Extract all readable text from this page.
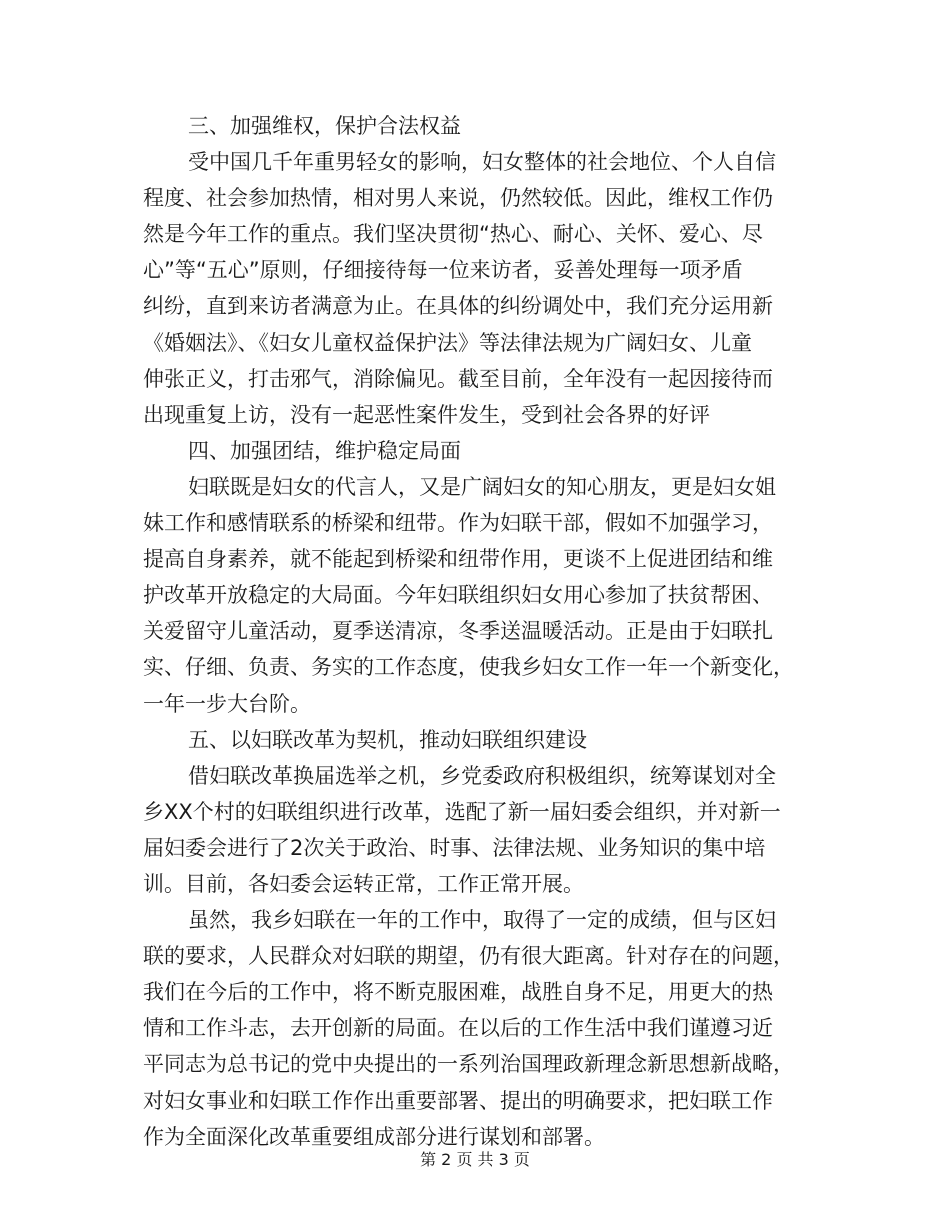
三、加强维权，保护合法权益
受中国几千年重男轻女的影响，妇女整体的社会地位、个人自信
程度、社会参加热情，相对男人来说，仍然较低。因此，维权工作仍
然是今年工作的重点。我们坚决贯彻“热心、耐心、关怀、爱心、尽
心”等“五心”原则，仔细接待每一位来访者，妥善处理每一项矛盾
纠纷，直到来访者满意为止。在具体的纠纷调处中，我们充分运用新
《婚姻法》、《妇女儿童权益保护法》等法律法规为广阔妇女、儿童
伸张正义，打击邪气，消除偏见。截至目前，全年没有一起因接待而
出现重复上访，没有一起恶性案件发生，受到社会各界的好评
四、加强团结，维护稳定局面
妇联既是妇女的代言人，又是广阔妇女的知心朋友，更是妇女姐
妹工作和感情联系的桥梁和纽带。作为妇联干部，假如不加强学习，
提高自身素养，就不能起到桥梁和纽带作用，更谈不上促进团结和维
护改革开放稳定的大局面。今年妇联组织妇女用心参加了扶贫帮困、
关爱留守儿童活动，夏季送清凉，冬季送温暖活动。正是由于妇联扎
实、仔细、负责、务实的工作态度，使我乡妇女工作一年一个新变化，
一年一步大台阶。
五、以妇联改革为契机，推动妇联组织建设
借妇联改革换届选举之机，乡党委政府积极组织，统筹谋划对全
乡XX个村的妇联组织进行改革，选配了新一届妇委会组织，并对新一
届妇委会进行了2次关于政治、时事、法律法规、业务知识的集中培
训。目前，各妇委会运转正常，工作正常开展。
虽然，我乡妇联在一年的工作中，取得了一定的成绩，但与区妇
联的要求，人民群众对妇联的期望，仍有很大距离。针对存在的问题，
我们在今后的工作中，将不断克服困难，战胜自身不足，用更大的热
情和工作斗志，去开创新的局面。在以后的工作生活中我们谨遵习近
平同志为总书记的党中央提出的一系列治国理政新理念新思想新战略，
对妇女事业和妇联工作作出重要部署、提出的明确要求，把妇联工作
作为全面深化改革重要组成部分进行谋划和部署。
第 2 页 共 3 页
